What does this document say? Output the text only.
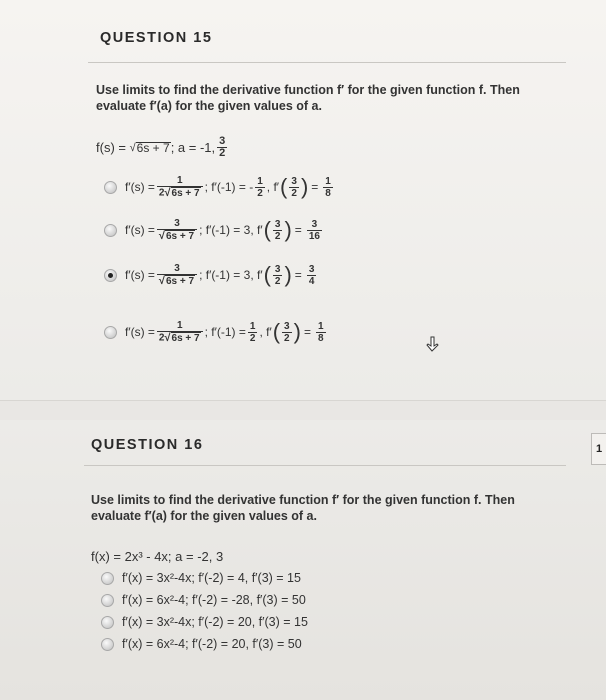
QUESTION 15
Use limits to find the derivative function f′ for the given function f. Then
evaluate f′(a) for the given values of a.
f(s) =
√ 6s + 7 ; a = -1, $\frac{3}{2}$
$f'(s) = \frac{1}{2 √ 6s + 7}$ ; f′(-1) = - $\frac{1}{2}$ , f′ ( $\frac{3}{2}$ ) = $\frac{1}{8}$
$f'(s) = \frac{3}{√ 6s + 7}$ ; f′(-1) = 3, f′ ( $\frac{3}{2}$ ) = $\frac{3}{16}$
$f'(s) = \frac{3}{√ 6s + 7}$ ; f′(-1) = 3, f′ ( $\frac{3}{2}$ ) = $\frac{3}{4}$
$f'(s) = \frac{1}{2 √ 6s + 7}$ ; $f'(-1) = \frac{1}{2}$ , f′ ( $\frac{3}{2}$ ) = $\frac{1}{8}$
QUESTION 16
Use limits to find the derivative function f′ for the given function f. Then
evaluate f′(a) for the given values of a.
f(x) = 2x³ - 4x; a = -2, 3
f′(x) = 3x²-4x; f′(-2) = 4, f′(3) = 15
f′(x) = 6x²-4; f′(-2) = -28, f′(3) = 50
f′(x) = 3x²-4x; f′(-2) = 20, f′(3) = 15
f′(x) = 6x²-4; f′(-2) = 20, f′(3) = 50
1
